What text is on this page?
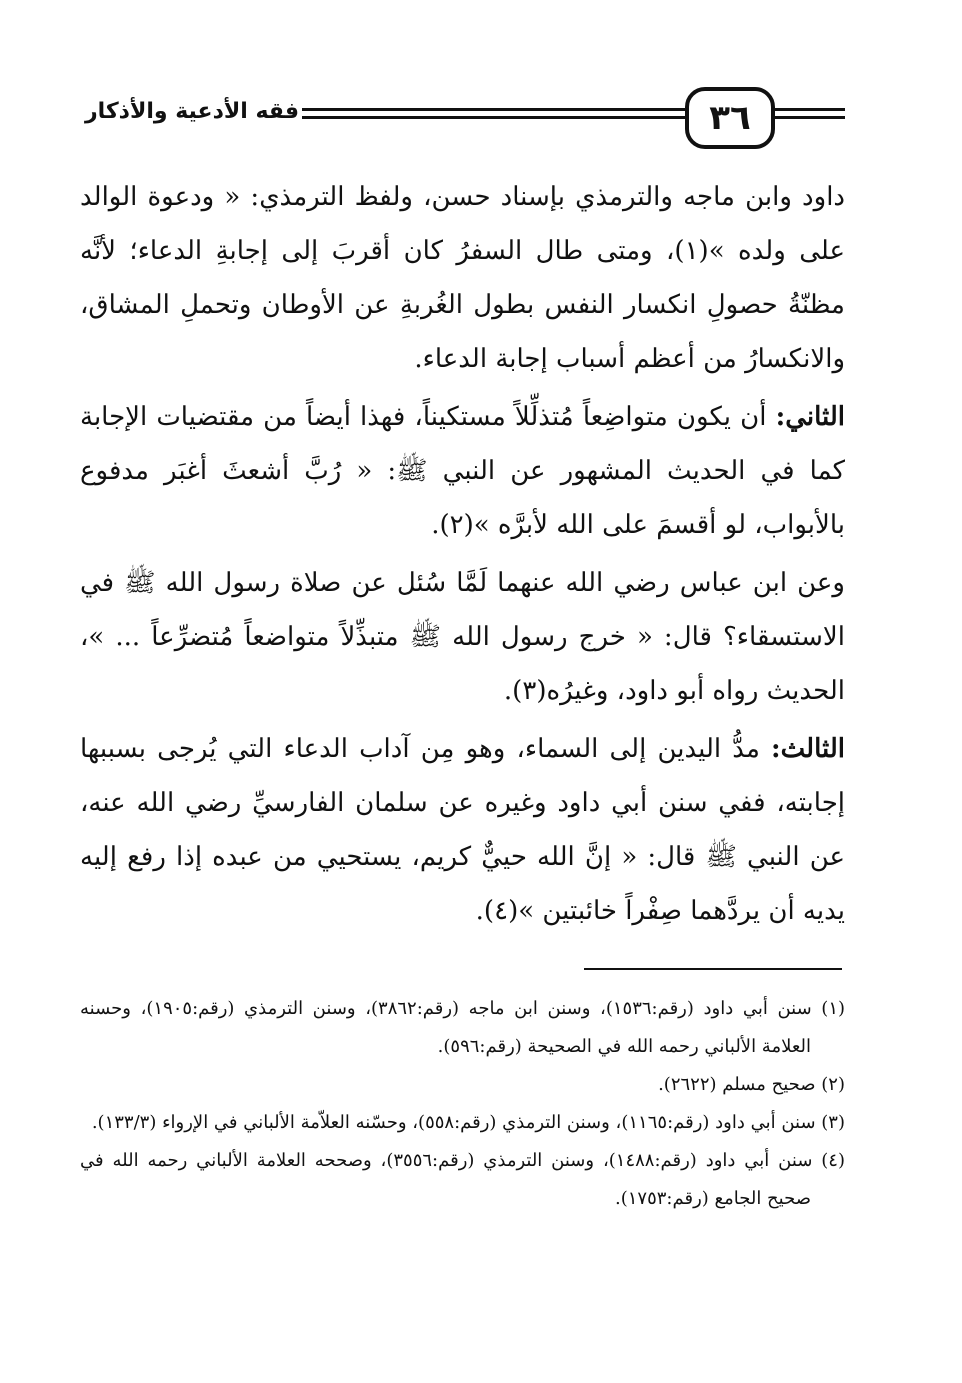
٣٦
فقه الأدعية والأذكار

داود وابن ماجه والترمذي بإسناد حسن، ولفظ الترمذي: « ودعوة الوالد على ولده »(١)، ومتى طال السفرُ كان أقربَ إلى إجابةِ الدعاء؛ لأنَّه مظنّةُ حصولِ انكسار النفس بطول الغُربةِ عن الأوطان وتحملِ المشاق، والانكسارُ من أعظم أسباب إجابة الدعاء.

الثاني: أن يكون متواضِعاً مُتذلِّلاً مستكيناً، فهذا أيضاً من مقتضيات الإجابة كما في الحديث المشهور عن النبي ﷺ: « رُبَّ أشعثَ أغبَر مدفوع بالأبواب، لو أقسمَ على الله لأبرَّه »(٢).

وعن ابن عباس رضي الله عنهما لَمَّا سُئل عن صلاة رسول الله ﷺ في الاستسقاء؟ قال: « خرج رسول الله ﷺ متبذِّلاً متواضعاً مُتضرِّعاً ... »، الحديث رواه أبو داود، وغيرُه(٣).

الثالث: مدُّ اليدين إلى السماء، وهو مِن آداب الدعاء التي يُرجى بسببها إجابته، ففي سنن أبي داود وغيره عن سلمان الفارسيِّ رضي الله عنه، عن النبي ﷺ قال: « إنَّ الله حييٌّ كريم، يستحيي من عبده إذا رفع إليه يديه أن يردَّهما صِفْراً خائبتين »(٤).

(١) سنن أبي داود (رقم:١٥٣٦)، وسنن ابن ماجه (رقم:٣٨٦٢)، وسنن الترمذي (رقم:١٩٠٥)، وحسنه العلامة الألباني رحمه الله في الصحيحة (رقم:٥٩٦).

(٢) صحيح مسلم (٢٦٢٢).

(٣) سنن أبي داود (رقم:١١٦٥)، وسنن الترمذي (رقم:٥٥٨)، وحسّنه العلاّمة الألباني في الإرواء (١٣٣/٣).

(٤) سنن أبي داود (رقم:١٤٨٨)، وسنن الترمذي (رقم:٣٥٥٦)، وصححه العلامة الألباني رحمه الله في صحيح الجامع (رقم:١٧٥٣).
